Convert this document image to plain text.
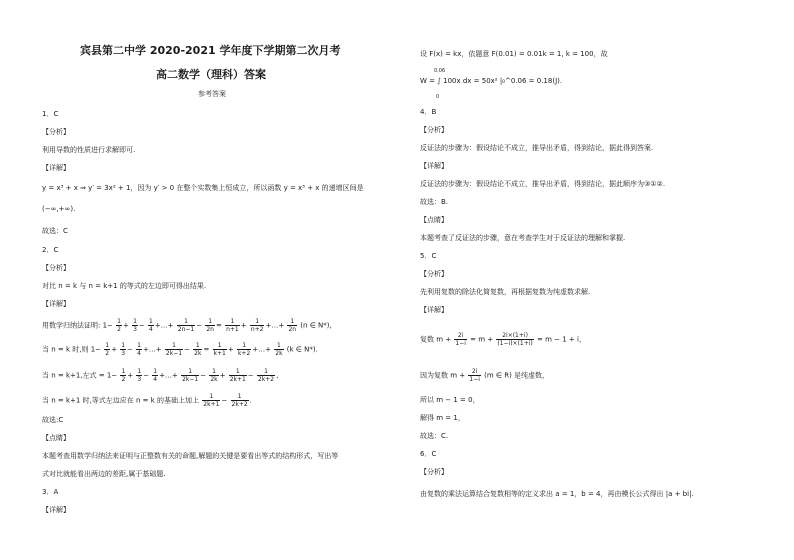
宾县第二中学 2020-2021 学年度下学期第二次月考
高二数学（理科）答案
参考答案
1．C
【分析】
利用导数的性质进行求解即可.
【详解】
y = x³ + x ⇒ y′ = 3x² + 1，因为 y′ > 0 在整个实数集上恒成立，所以函数 y = x³ + x 的递增区间是
(−∞,+∞).
故选：C
2．C
【分析】
对比 n = k 与 n = k+1 的等式的左边即可得出结果.
【详解】
用数学归纳法证明: $1- \frac{1}{2} + \frac{1}{3} - \frac{1}{4}$ +…+ $\frac{1}{2n-1} - \frac{1}{2n} = \frac{1}{n+1} + \frac{1}{n+2}$ +…+ $\frac{1}{2n} (n$ ∈ N*),
当 n = k 时,则 $1- \frac{1}{2} + \frac{1}{3} - \frac{1}{4}$ +…+ $\frac{1}{2k-1} - \frac{1}{2k} = \frac{1}{k+1} + \frac{1}{k+2}$ +…+ $\frac{1}{2k} (k$ ∈ N*).
当 n = k+1,左式 = $1- \frac{1}{2} + \frac{1}{3} - \frac{1}{4}$ +…+ $\frac{1}{2k-1} - \frac{1}{2k} + \frac{1}{2k+1} - \frac{1}{2k+2}$ ,
当 n = k+1 时,等式左边应在 n = k 的基础上加上 $\frac{1}{2k+1} - \frac{1}{2k+2}$ .
故选:C
【点睛】
本题考查用数学归纳法来证明与正整数有关的命题,解题的关键是要看出等式的结构形式，写出等
式对比就能看出两边的差距,属于基础题.
3．A
【详解】
设 F(x) = kx，依题意 F(0.01) = 0.01k = 1, k = 100，故
0.06
0
W = ∫ 100x dx = 50x² |₀^0.06 = 0.18(J).
4．B
【分析】
反证法的步骤为：假设结论不成立，推导出矛盾，得到结论，据此得到答案.
【详解】
反证法的步骤为：假设结论不成立，推导出矛盾，得到结论，据此顺序为③①②.
故选：B.
【点睛】
本题考查了反证法的步骤，意在考查学生对于反证法的理解和掌握.
5．C
【分析】
先利用复数的除法化简复数，再根据复数为纯虚数求解.
【详解】
复数 $m + \frac{2i}{1-i} = m + \frac{2i\times(1+i)}{(1-i)\times(1+i)} = m - 1 + i$，
因为复数 $m + \frac{2i}{1-i} (m$ ∈ R) 是纯虚数，
所以 m − 1 = 0，
解得 m = 1，
故选：C.
6．C
【分析】
由复数的乘法运算结合复数相等的定义求出 a = 1，b = 4，再由模长公式得出 |a + bi|.
